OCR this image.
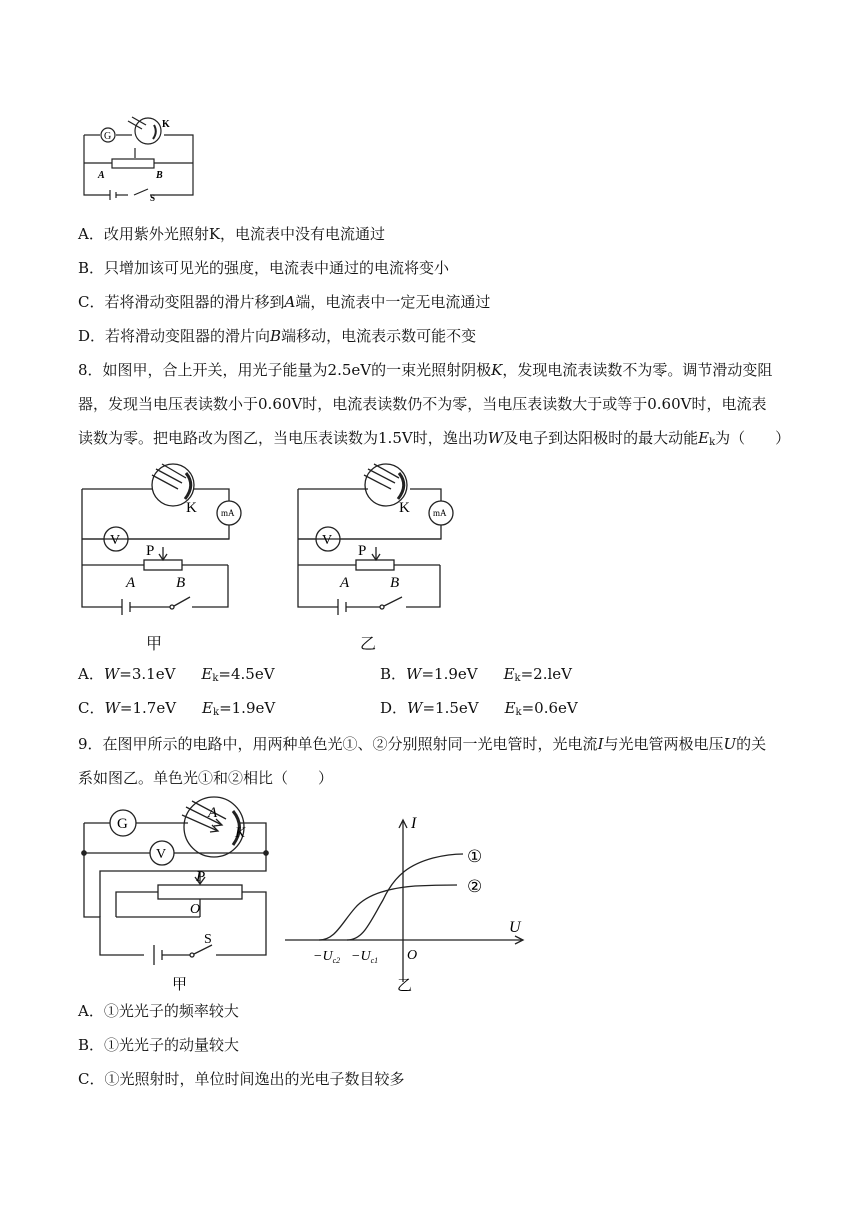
G
K
A	B
S
A．改用紫外光照射K，电流表中没有电流通过
B．只增加该可见光的强度，电流表中通过的电流将变小
C．若将滑动变阻器的滑片移到A端，电流表中一定无电流通过
D．若将滑动变阻器的滑片向B端移动，电流表示数可能不变
8．如图甲，合上开关，用光子能量为2.5eV的一束光照射阴极K，发现电流表读数不为零。调节滑动变阻
器，发现当电压表读数小于0.60V时，电流表读数仍不为零，当电压表读数大于或等于0.60V时，电流表
读数为零。把电路改为图乙，当电压表读数为1.5V时，逸出功W及电子到达阳极时的最大动能$E_k$为（　　）
K	mA
V
P
A	B
甲
K	mA
V
P
A	B
乙
A．W=3.1eV $E_k=4.5eV$	B．W=1.9eV $E_k=2.leV$
C．W=1.7eV $E_k=1.9eV$	D．W=1.5eV $E_k=0.6eV$
9．在图甲所示的电路中，用两种单色光①、②分别照射同一光电管时，光电流I与光电管两极电压U的关
系如图乙。单色光①和②相比（　　）
G
A
K
V
P
O
S
甲
I
U
O
①
②
$-U_{c2} -U_{c1}$
乙
A．①光光子的频率较大
B．①光光子的动量较大
C．①光照射时，单位时间逸出的光电子数目较多
